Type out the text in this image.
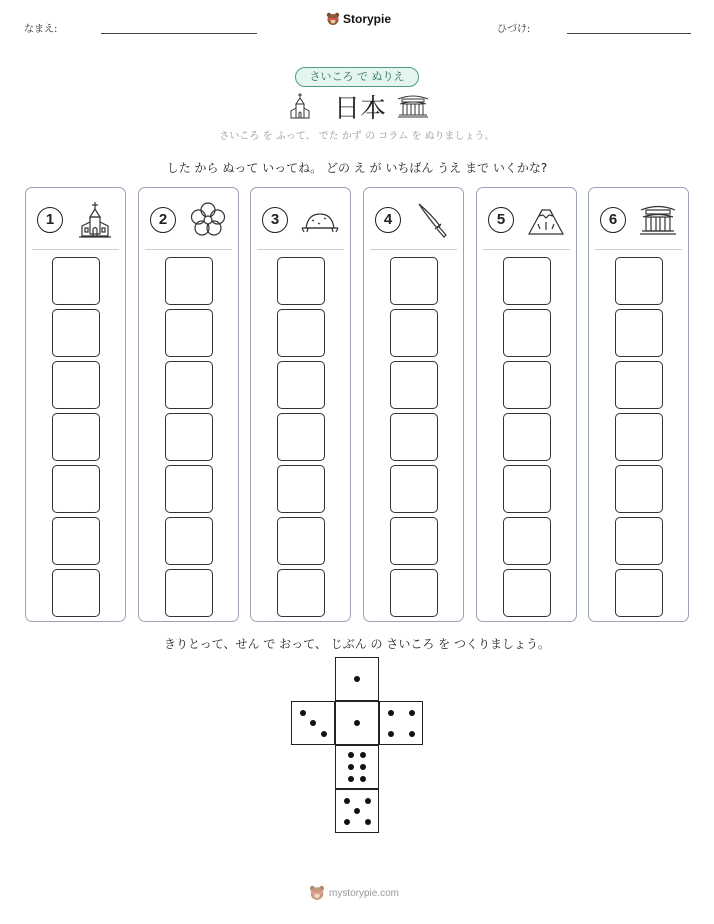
なまえ:
Storypie
ひづけ:
さいころ で ぬりえ
日本
さいころ を ふって、 でた かず の コラム を ぬりましょう。
した から ぬって いってね。 どの え が いちばん うえ まで いくかな?
1	2	3	4	5	6
きりとって、せん で おって、 じぶん の さいころ を つくりましょう。
mystorypie.com
